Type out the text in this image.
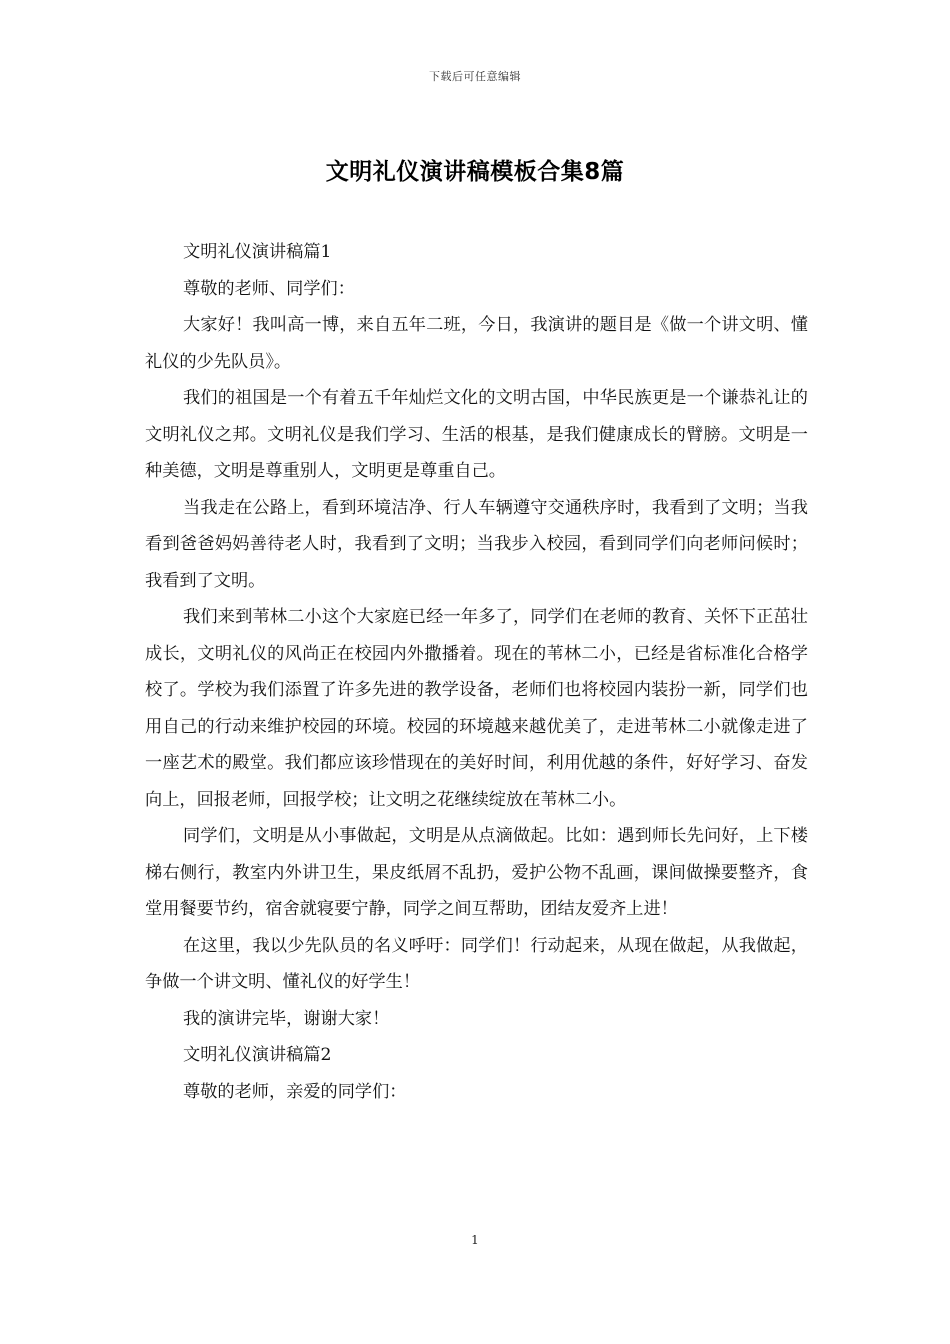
下载后可任意编辑
文明礼仪演讲稿模板合集8篇

文明礼仪演讲稿篇1

尊敬的老师、同学们：

大家好！我叫高一博，来自五年二班，今日，我演讲的题目是《做一个讲文明、懂礼仪的少先队员》。

我们的祖国是一个有着五千年灿烂文化的文明古国，中华民族更是一个谦恭礼让的文明礼仪之邦。文明礼仪是我们学习、生活的根基，是我们健康成长的臂膀。文明是一种美德，文明是尊重别人，文明更是尊重自己。

当我走在公路上，看到环境洁净、行人车辆遵守交通秩序时，我看到了文明；当我看到爸爸妈妈善待老人时，我看到了文明；当我步入校园，看到同学们向老师问候时；我看到了文明。

我们来到苇林二小这个大家庭已经一年多了，同学们在老师的教育、关怀下正茁壮成长，文明礼仪的风尚正在校园内外撒播着。现在的苇林二小，已经是省标准化合格学校了。学校为我们添置了许多先进的教学设备，老师们也将校园内装扮一新，同学们也用自己的行动来维护校园的环境。校园的环境越来越优美了，走进苇林二小就像走进了一座艺术的殿堂。我们都应该珍惜现在的美好时间，利用优越的条件，好好学习、奋发向上，回报老师，回报学校；让文明之花继续绽放在苇林二小。

同学们，文明是从小事做起，文明是从点滴做起。比如：遇到师长先问好，上下楼梯右侧行，教室内外讲卫生，果皮纸屑不乱扔，爱护公物不乱画，课间做操要整齐，食堂用餐要节约，宿舍就寝要宁静，同学之间互帮助，团结友爱齐上进！

在这里，我以少先队员的名义呼吁：同学们！行动起来，从现在做起，从我做起，争做一个讲文明、懂礼仪的好学生！

我的演讲完毕，谢谢大家！

文明礼仪演讲稿篇2

尊敬的老师，亲爱的同学们：

1
